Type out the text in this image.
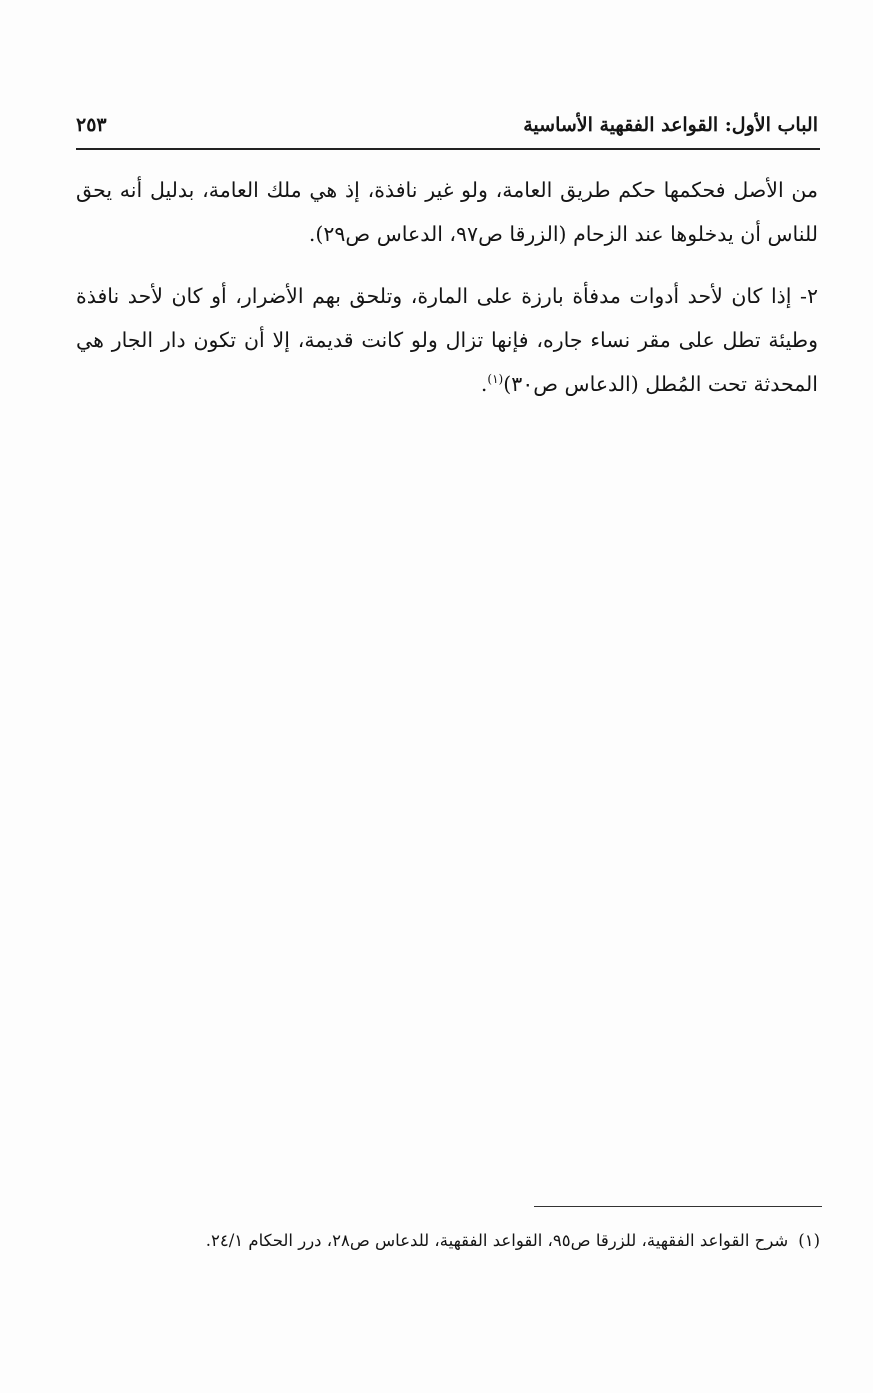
الباب الأول: القواعد الفقهية الأساسية
٢٥٣

من الأصل فحكمها حكم طريق العامة، ولو غير نافذة، إذ هي ملك العامة، بدليل أنه يحق للناس أن يدخلوها عند الزحام (الزرقا ص٩٧، الدعاس ص٢٩).

٢- إذا كان لأحد أدوات مدفأة بارزة على المارة، وتلحق بهم الأضرار، أو كان لأحد نافذة وطيئة تطل على مقر نساء جاره، فإنها تزال ولو كانت قديمة، إلا أن تكون دار الجار هي المحدثة تحت المُطل (الدعاس ص٣٠)$^{(١)}$.

(١)شرح القواعد الفقهية، للزرقا ص٩٥، القواعد الفقهية، للدعاس ص٢٨، درر الحكام ٢٤/١.
